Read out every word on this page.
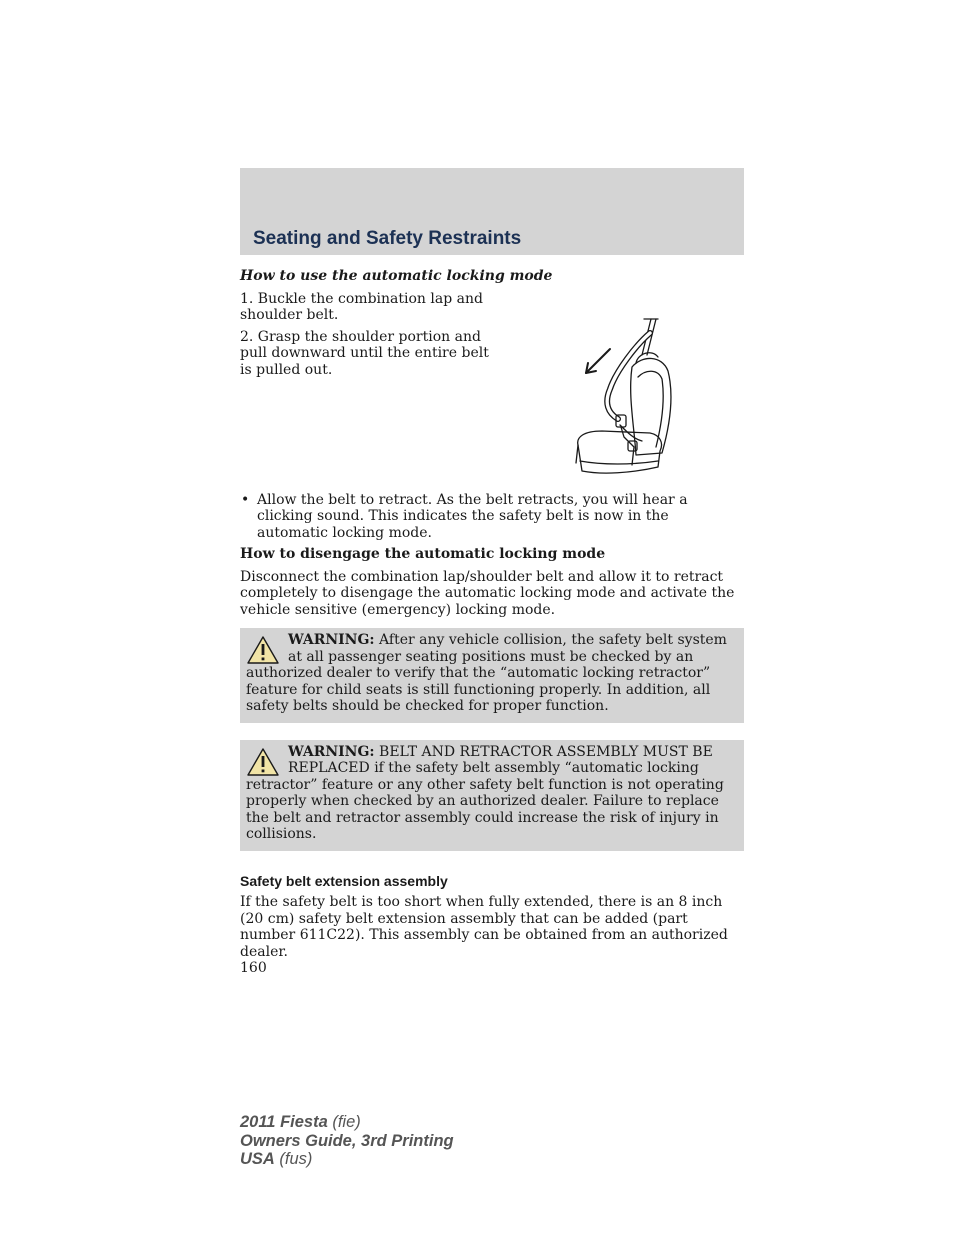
Seating and Safety Restraints

How to use the automatic locking mode

1. Buckle the combination lap and shoulder belt.

2. Grasp the shoulder portion and pull downward until the entire belt is pulled out.

• Allow the belt to retract. As the belt retracts, you will hear a clicking sound. This indicates the safety belt is now in the automatic locking mode.

How to disengage the automatic locking mode

Disconnect the combination lap/shoulder belt and allow it to retract completely to disengage the automatic locking mode and activate the vehicle sensitive (emergency) locking mode.

WARNING: After any vehicle collision, the safety belt system at all passenger seating positions must be checked by an authorized dealer to verify that the “automatic locking retractor” feature for child seats is still functioning properly. In addition, all safety belts should be checked for proper function.

WARNING: BELT AND RETRACTOR ASSEMBLY MUST BE REPLACED if the safety belt assembly “automatic locking retractor” feature or any other safety belt function is not operating properly when checked by an authorized dealer. Failure to replace the belt and retractor assembly could increase the risk of injury in collisions.

Safety belt extension assembly

If the safety belt is too short when fully extended, there is an 8 inch (20 cm) safety belt extension assembly that can be added (part number 611C22). This assembly can be obtained from an authorized dealer.

160

2011 Fiesta (fie)
Owners Guide, 3rd Printing
USA (fus)
